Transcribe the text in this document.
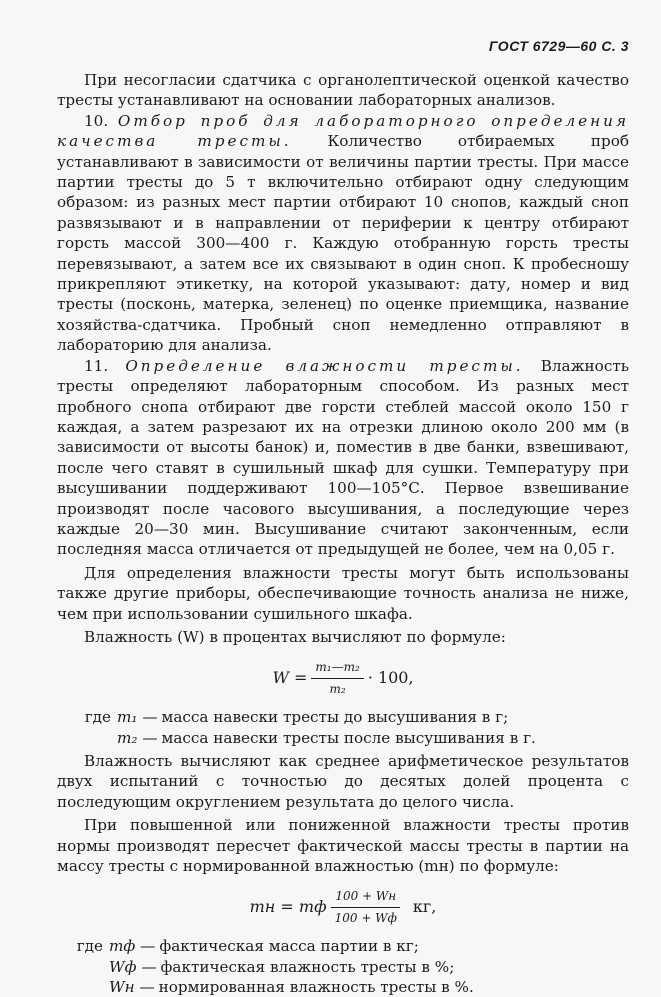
ГОСТ 6729—60 С. 3

При несогласии сдатчика с органолептической оценкой качество тресты устанавливают на основании лабораторных анализов.

10. Отбор проб для лабораторного определения качества тресты. Количество отбираемых проб устанавливают в зависимости от величины партии тресты. При массе партии тресты до 5 т включительно отбирают одну следующим образом: из разных мест партии отбирают 10 снопов, каждый сноп развязывают и в направлении от периферии к центру отбирают горсть массой 300—400 г. Каждую отобранную горсть тресты перевязывают, а затем все их связывают в один сноп. К пробесношу прикрепляют этикетку, на которой указывают: дату, номер и вид тресты (посконь, матерка, зеленец) по оценке приемщика, название хозяйства-сдатчика. Пробный сноп немедленно отправляют в лабораторию для анализа.

11. Определение влажности тресты. Влажность тресты определяют лабораторным способом. Из разных мест пробного снопа отбирают две горсти стеблей массой около 150 г каждая, а затем разрезают их на отрезки длиною около 200 мм (в зависимости от высоты банок) и, поместив в две банки, взвешивают, после чего ставят в сушильный шкаф для сушки. Температуру при высушивании поддерживают 100—105°С. Первое взвешивание производят после часового высушивания, а последующие через каждые 20—30 мин. Высушивание считают законченным, если последняя масса отличается от предыдущей не более, чем на 0,05 г.

Для определения влажности тресты могут быть использованы также другие приборы, обеспечивающие точность анализа не ниже, чем при использовании сушильного шкафа.

Влажность (W) в процентах вычисляют по формуле:

$W = \frac{\text{m₁—m₂}}{\text{m₂}} \cdot 100$,
где m₁ — масса навески тресты до высушивания в г;
m₂ — масса навески тресты после высушивания в г.

Влажность вычисляют как среднее арифметическое результатов двух испытаний с точностью до десятых долей процента с последующим округлением результата до целого числа.

При повышенной или пониженной влажности тресты против нормы производят пересчет фактической массы тресты в партии на массу тресты с нормированной влажностью (mн) по формуле:

mн = mф $\frac{100 + Wн}{100 + Wф}$ кг,
где mф — фактическая масса партии в кг;
Wф — фактическая влажность тресты в %;
Wн — нормированная влажность тресты в %.
